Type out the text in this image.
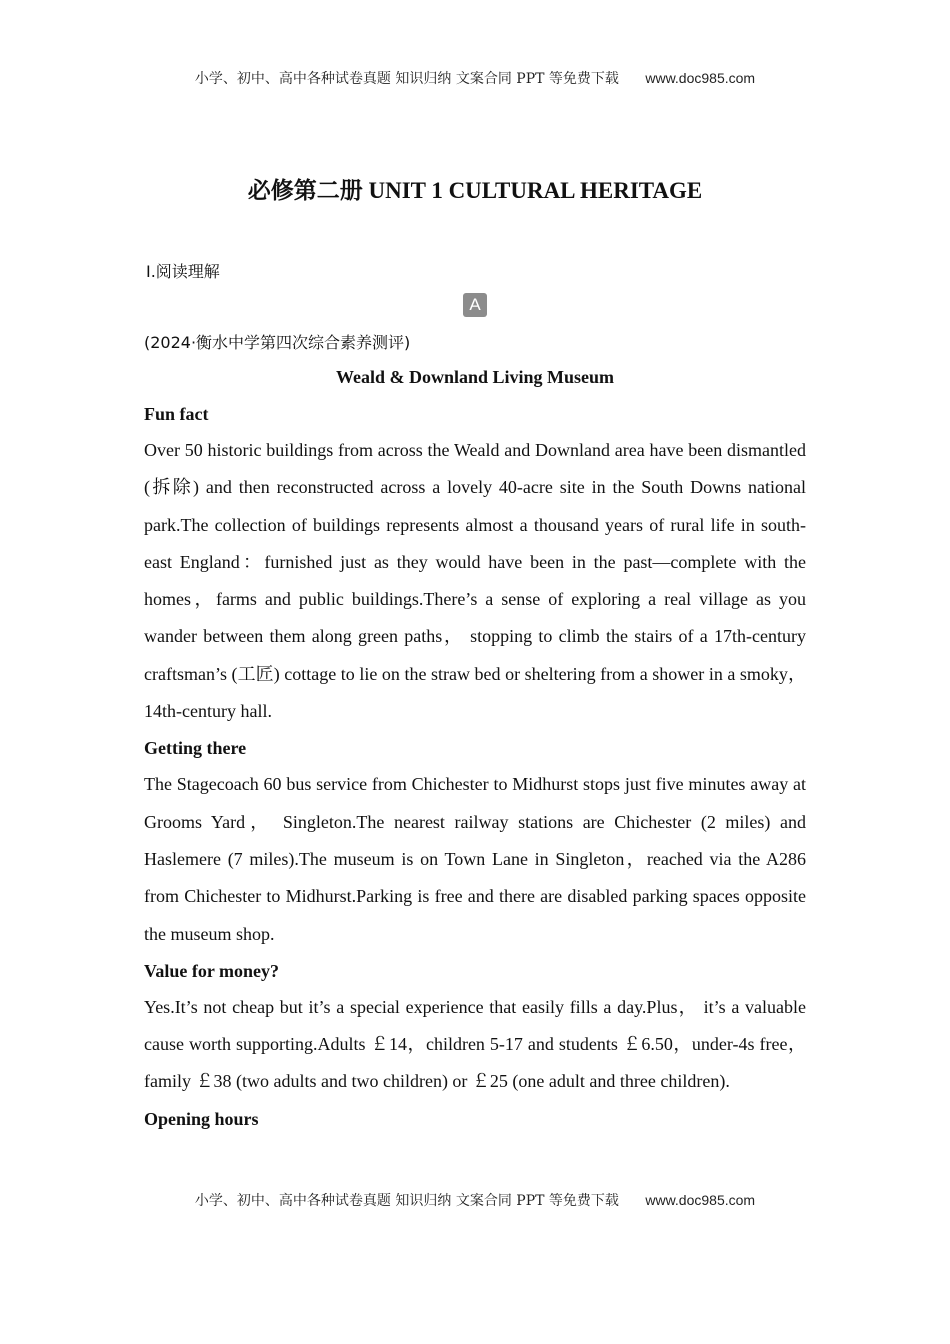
小学、初中、高中各种试卷真题 知识归纳 文案合同 PPT 等免费下载 www.doc985.com
必修第二册 UNIT 1 CULTURAL HERITAGE
Ⅰ.阅读理解
A
(2024·衡水中学第四次综合素养测评)
Weald & Downland Living Museum
Fun fact
Over 50 historic buildings from across the Weald and Downland area have been dismantled (拆除) and then reconstructed across a lovely 40-acre site in the South Downs national park.The collection of buildings represents almost a thousand years of rural life in south-east England：furnished just as they would have been in the past—complete with the homes，farms and public buildings.There’s a sense of exploring a real village as you wander between them along green paths， stopping to climb the stairs of a 17th-century craftsman’s (工匠) cottage to lie on the straw bed or sheltering from a shower in a smoky，14th-century hall.
Getting there
The Stagecoach 60 bus service from Chichester to Midhurst stops just five minutes away at Grooms Yard， Singleton.The nearest railway stations are Chichester (2 miles) and Haslemere (7 miles).The museum is on Town Lane in Singleton，reached via the A286 from Chichester to Midhurst.Parking is free and there are disabled parking spaces opposite the museum shop.
Value for money?
Yes.It’s not cheap but it’s a special experience that easily fills a day.Plus， it’s a valuable cause worth supporting.Adults ￡14，children 5-17 and students ￡6.50，under-4s free， family ￡38 (two adults and two children) or ￡25 (one adult and three children).
Opening hours
小学、初中、高中各种试卷真题 知识归纳 文案合同 PPT 等免费下载 www.doc985.com
